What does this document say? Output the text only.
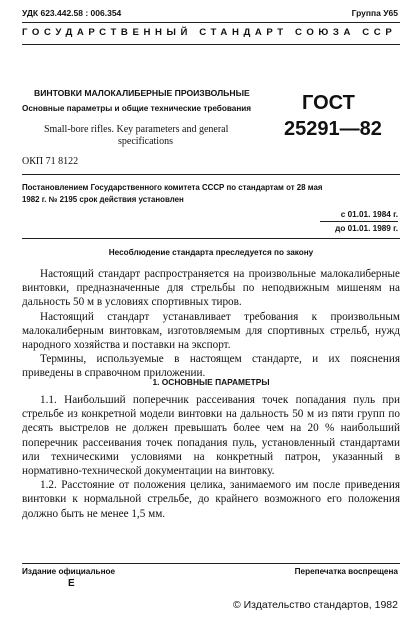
УДК 623.442.58 : 006.354	Группа У65
ГОСУДАРСТВЕННЫЙ СТАНДАРТ СОЮЗА ССР
ВИНТОВКИ МАЛОКАЛИБЕРНЫЕ ПРОИЗВОЛЬНЫЕ
Основные параметры и общие технические требования
Small-bore rifles. Key parameters and general
specifications
ГОСТ
25291—82
ОКП 71 8122
Постановлением Государственного комитета СССР по стандартам от 28 мая
1982 г. № 2195 срок действия установлен
с 01.01. 1984 г.
до 01.01. 1989 г.
Несоблюдение стандарта преследуется по закону

Настоящий стандарт распространяется на произвольные малокалиберные винтовки, предназначенные для стрельбы по неподвижным мишеням на дальность 50 м в условиях спортивных тиров.

Настоящий стандарт устанавливает требования к произвольным малокалиберным винтовкам, изготовляемым для спортивных стрельб, нужд народного хозяйства и поставки на экспорт.

Термины, используемые в настоящем стандарте, и их пояснения приведены в справочном приложении.

1. ОСНОВНЫЕ ПАРАМЕТРЫ

1.1. Наибольший поперечник рассеивания точек попадания пуль при стрельбе из конкретной модели винтовки на дальность 50 м из пяти групп по десять выстрелов не должен превышать более чем на 20 % наибольший поперечник рассеивания точек попадания пуль, установленный стандартами или техническими условиями на конкретный патрон, указанный в нормативно-технической документации на винтовку.

1.2. Расстояние от положения целика, занимаемого им после приведения винтовки к нормальной стрельбе, до крайнего возможного его положения должно быть не менее 1,5 мм.

Издание официальное	Перепечатка воспрещена
Е
© Издательство стандартов, 1982
